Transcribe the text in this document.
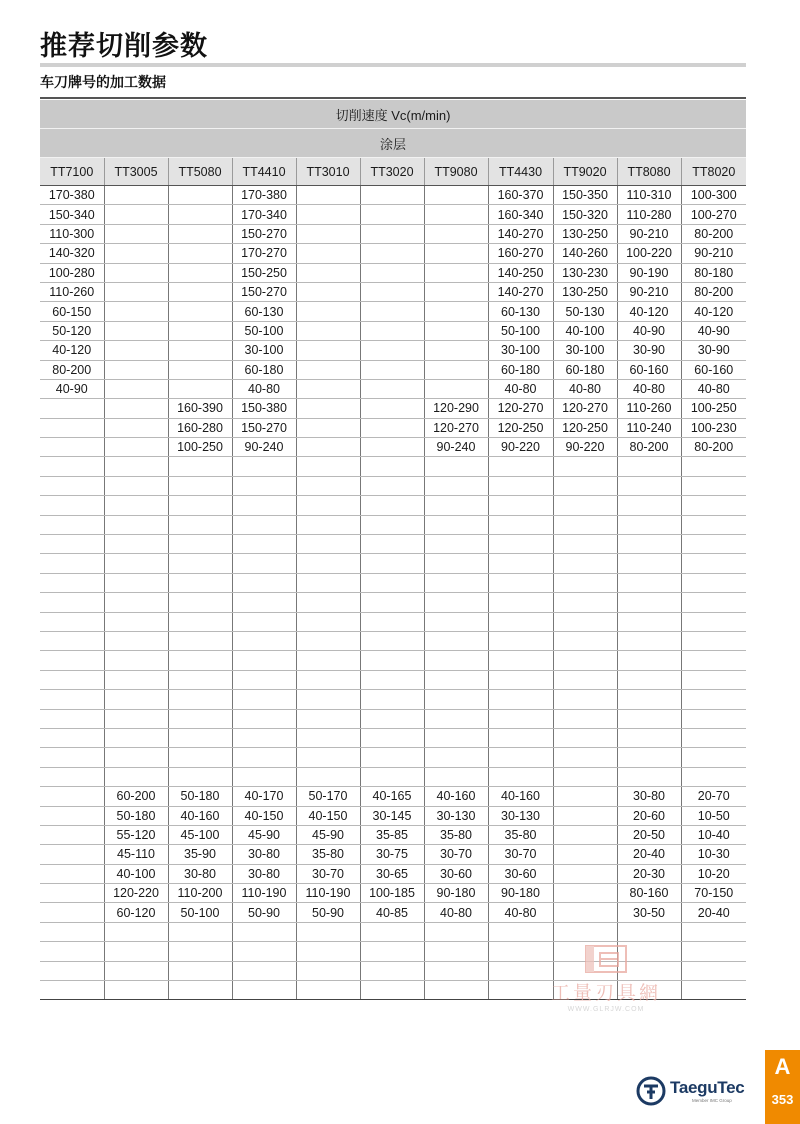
推荐切削参数
车刀牌号的加工数据
切削速度 Vc(m/min)										
涂层										
TT7100	TT3005	TT5080	TT4410	TT3010	TT3020	TT9080	TT4430	TT9020	TT8080	TT8020
170-380			170-380				160-370	150-350	110-310	100-300
150-340			170-340				160-340	150-320	110-280	100-270
110-300			150-270				140-270	130-250	90-210	80-200
140-320			170-270				160-270	140-260	100-220	90-210
100-280			150-250				140-250	130-230	90-190	80-180
110-260			150-270				140-270	130-250	90-210	80-200
60-150			60-130				60-130	50-130	40-120	40-120
50-120			50-100				50-100	40-100	40-90	40-90
40-120			30-100				30-100	30-100	30-90	30-90
80-200			60-180				60-180	60-180	60-160	60-160
40-90			40-80				40-80	40-80	40-80	40-80
		160-390	150-380			120-290	120-270	120-270	110-260	100-250
		160-280	150-270			120-270	120-250	120-250	110-240	100-230
		100-250	90-240			90-240	90-220	90-220	80-200	80-200

	60-200	50-180	40-170	50-170	40-165	40-160	40-160		30-80	20-70
	50-180	40-160	40-150	40-150	30-145	30-130	30-130		20-60	10-50
	55-120	45-100	45-90	45-90	35-85	35-80	35-80		20-50	10-40
	45-110	35-90	30-80	35-80	30-75	30-70	30-70		20-40	10-30
	40-100	30-80	30-80	30-70	30-65	30-60	30-60		20-30	10-20
	120-220	110-200	110-190	110-190	100-185	90-180	90-180		80-160	70-150
	60-120	50-100	50-90	50-90	40-85	40-80	40-80		30-50	20-40

工量刃具網
WWW.GLRJW.COM
TaeguTec
Member IMC Group
A
353
